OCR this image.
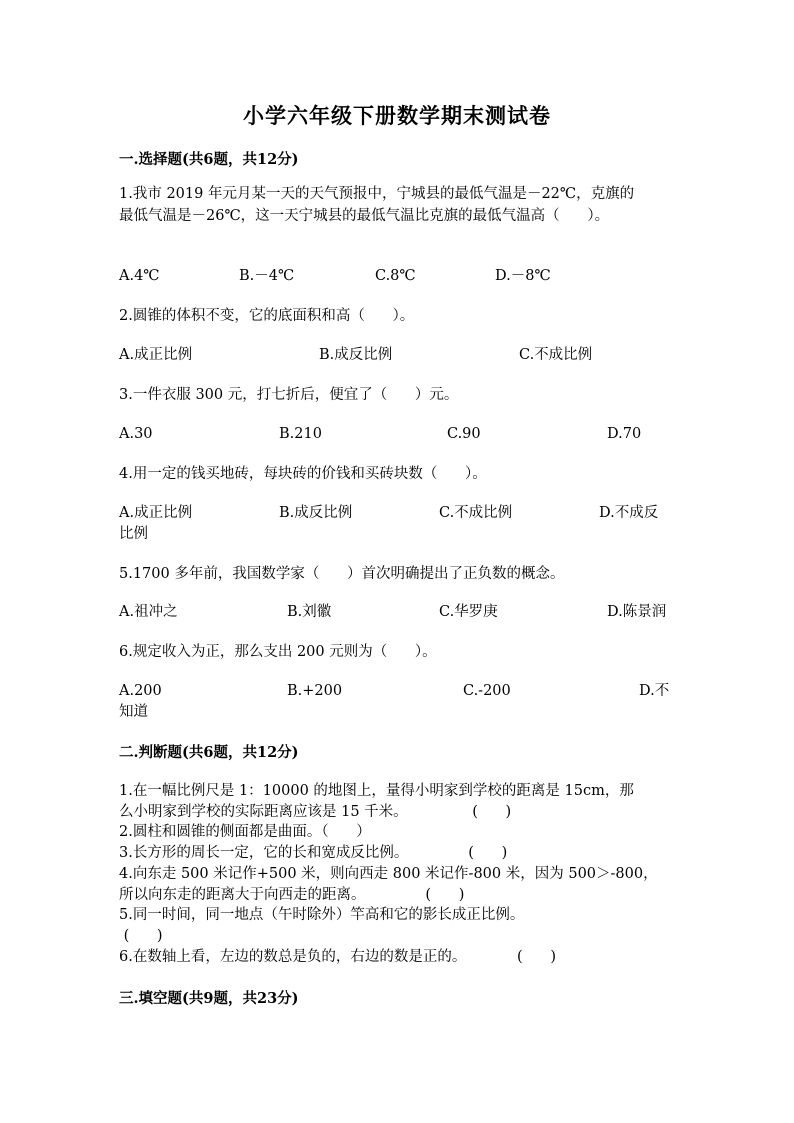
小学六年级下册数学期末测试卷
一.选择题(共6题，共12分)
1.我市 2019 年元月某一天的天气预报中，宁城县的最低气温是－22℃，克旗的
最低气温是－26℃，这一天宁城县的最低气温比克旗的最低气温高（      ）。
A.4℃	B.－4℃	C.8℃	D.－8℃
2.圆锥的体积不变，它的底面积和高（      ）。
A.成正比例	B.成反比例	C.不成比例
3.一件衣服 300 元，打七折后，便宜了（      ）元。
A.30	B.210	C.90	D.70
4.用一定的钱买地砖，每块砖的价钱和买砖块数（      ）。
A.成正比例	B.成反比例	C.不成比例	D.不成反
比例
5.1700 多年前，我国数学家（      ）首次明确提出了正负数的概念。
A.祖冲之	B.刘徽	C.华罗庚	D.陈景润
6.规定收入为正，那么支出 200 元则为（      ）。
A.200	B.+200	C.-200	D.不
知道
二.判断题(共6题，共12分)
1.在一幅比例尺是 1：10000 的地图上，量得小明家到学校的距离是 15cm，那
么小明家到学校的实际距离应该是 15 千米。              (      )
2.圆柱和圆锥的侧面都是曲面。（      ）
3.长方形的周长一定，它的长和宽成反比例。             (      )
4.向东走 500 米记作+500 米，则向西走 800 米记作-800 米，因为 500＞-800，
所以向东走的距离大于向西走的距离。             (      )
5.同一时间，同一地点（午时除外）竿高和它的影长成正比例。
(      )
6.在数轴上看，左边的数总是负的，右边的数是正的。           (      )
三.填空题(共9题，共23分)
